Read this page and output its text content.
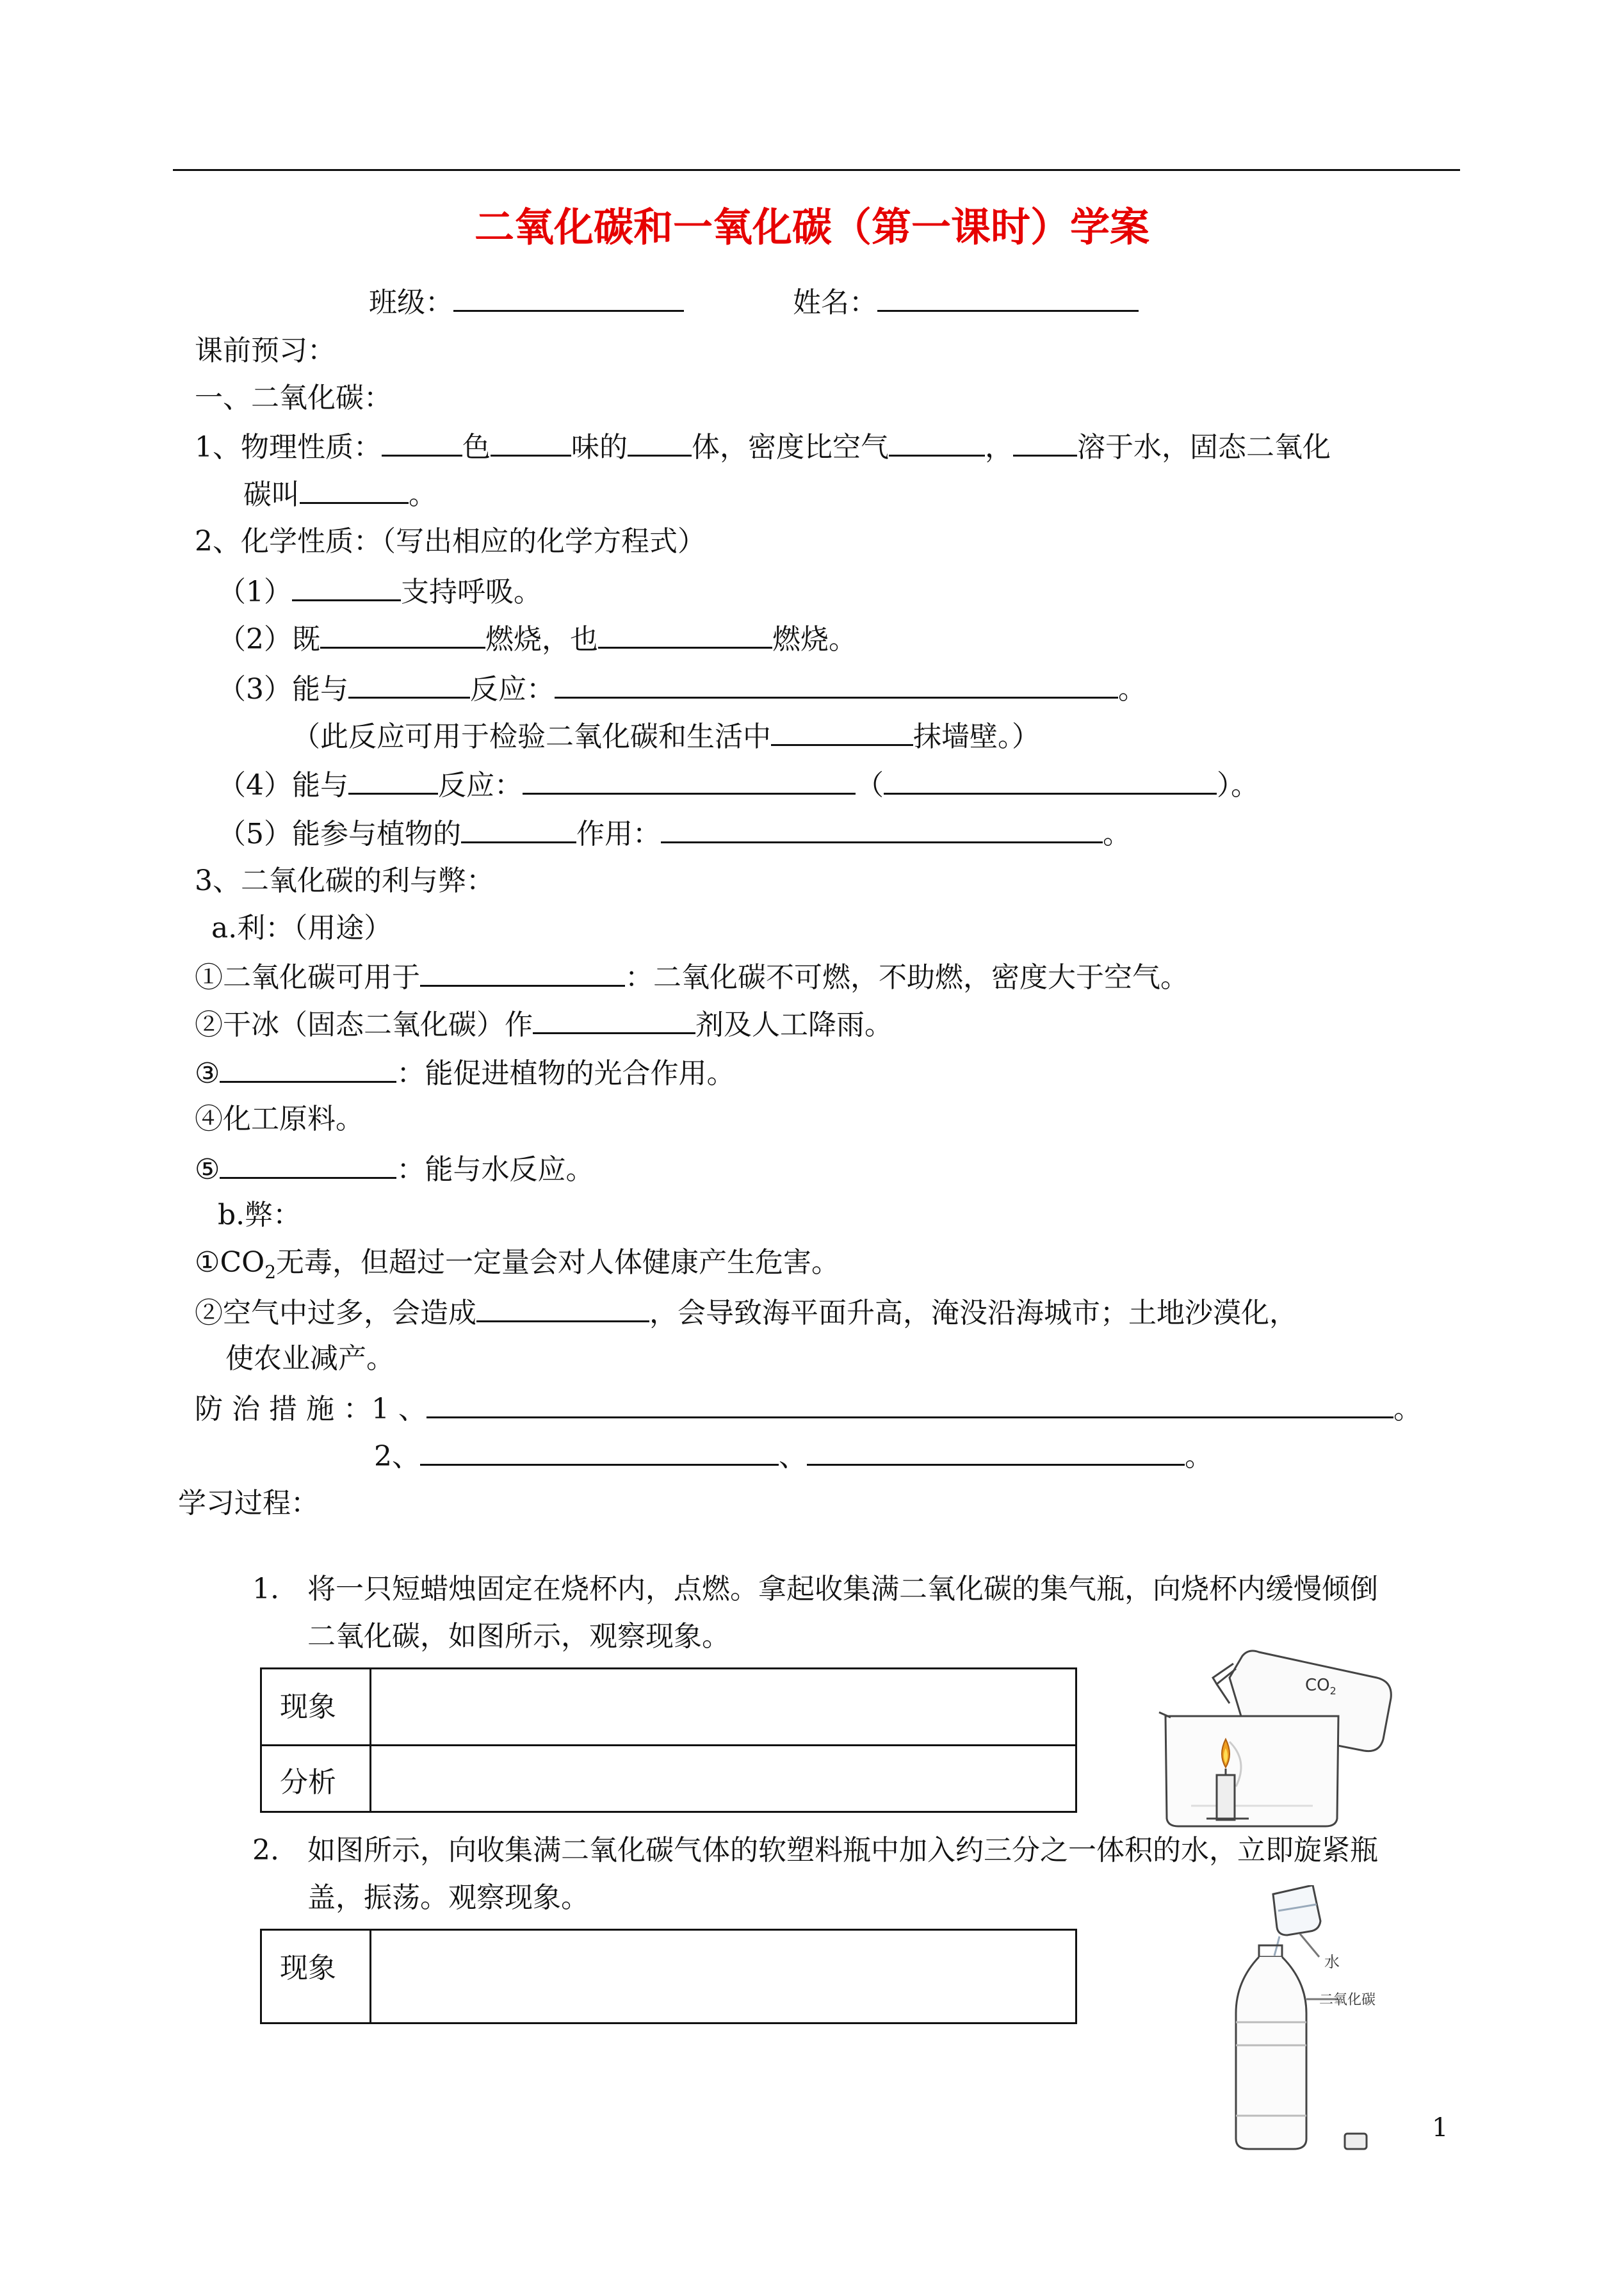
二氧化碳和一氧化碳（第一课时）学案
班级：	姓名：
课前预习：
一、二氧化碳：
1、物理性质：	色	味的 体，密度比空气	， 溶于水，固态二氧化
碳叫	。
2、化学性质：（写出相应的化学方程式）
（1）	支持呼吸。
（2）既	燃烧，也	燃烧。
（3）能与	反应：	。
（此反应可用于检验二氧化碳和生活中	抹墙壁。）
（4）能与	反应：	（	）。
（5）能参与植物的	作用：	。
3、二氧化碳的利与弊：
a.利：（用途）
①二氧化碳可用于	：二氧化碳不可燃，不助燃，密度大于空气。
②干冰（固态二氧化碳）作	剂及人工降雨。
③	：能促进植物的光合作用。
④化工原料。
⑤	：能与水反应。
b.弊：
$①CO_2$无毒，但超过一定量会对人体健康产生危害。
②空气中过多，会造成	，会导致海平面升高，淹没沿海城市；土地沙漠化，
使农业减产。
防 治 措 施 ：1 、	。
2、	、	。
学习过程：
1. 将一只短蜡烛固定在烧杯内，点燃。拿起收集满二氧化碳的集气瓶，向烧杯内缓慢倾倒
二氧化碳，如图所示，观察现象。
现象	
分析	
$CO_2$
2. 如图所示，向收集满二氧化碳气体的软塑料瓶中加入约三分之一体积的水，立即旋紧瓶
盖，振荡。观察现象。
现象		水
二氧化碳
1
